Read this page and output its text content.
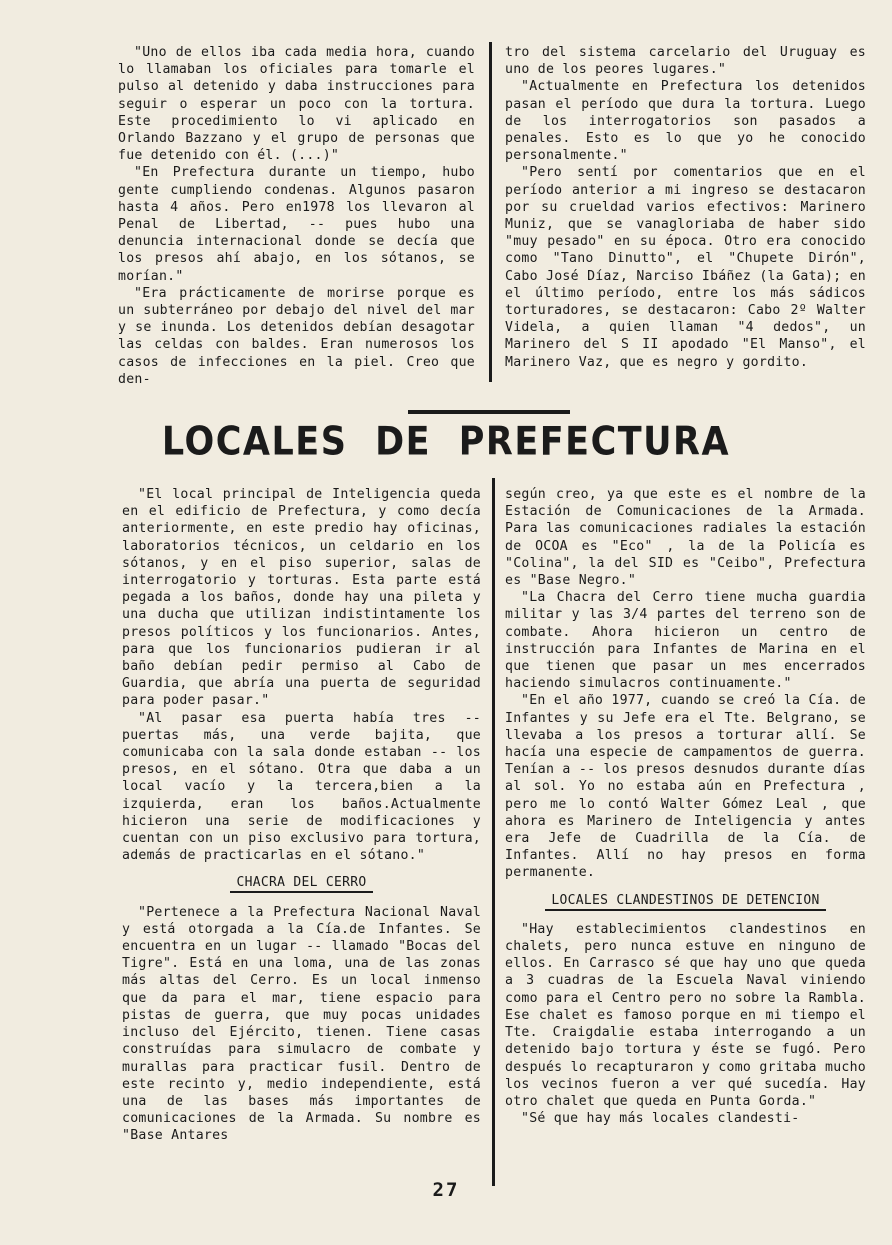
"Uno de ellos iba cada media hora, cuando lo llamaban los oficiales para tomarle el pulso al detenido y daba instrucciones para seguir o esperar un poco con la tortura. Este procedimiento lo vi aplicado en Orlando Bazzano y el grupo de personas que fue detenido con él. (...)"

"En Prefectura durante un tiempo, hubo gente cumpliendo condenas. Algunos pasaron hasta 4 años. Pero en1978 los llevaron al Penal de Libertad, -- pues hubo una denuncia internacional donde se decía que los presos ahí abajo, en los sótanos, se morían."

"Era prácticamente de morirse porque es un subterráneo por debajo del nivel del mar y se inunda. Los detenidos debían desagotar las celdas con baldes. Eran numerosos los casos de infecciones en la piel. Creo que den-

tro del sistema carcelario del Uruguay es uno de los peores lugares."

"Actualmente en Prefectura los detenidos pasan el período que dura la tortura. Luego de los interrogatorios son pasados a penales. Esto es lo que yo he conocido personalmente."

"Pero sentí por comentarios que en el período anterior a mi ingreso se destacaron por su crueldad varios efectivos: Marinero Muniz, que se vanagloriaba de haber sido "muy pesado" en su época. Otro era conocido como "Tano Dinutto", el "Chupete Dirón", Cabo José Díaz, Narciso Ibáñez (la Gata); en el último período, entre los más sádicos torturadores, se destacaron: Cabo 2º Walter Videla, a quien llaman "4 dedos", un Marinero del S II apodado "El Manso", el Marinero Vaz, que es negro y gordito.

LOCALES DE PREFECTURA

"El local principal de Inteligencia queda en el edificio de Prefectura, y como decía anteriormente, en este predio hay oficinas, laboratorios técnicos, un celdario en los sótanos, y en el piso superior, salas de interrogatorio y torturas. Esta parte está pegada a los baños, donde hay una pileta y una ducha que utilizan indistintamente los presos políticos y los funcionarios. Antes, para que los funcionarios pudieran ir al baño debían pedir permiso al Cabo de Guardia, que abría una puerta de seguridad para poder pasar."

"Al pasar esa puerta había tres -- puertas más, una verde bajita, que comunicaba con la sala donde estaban -- los presos, en el sótano. Otra que daba a un local vacío y la tercera,bien a la izquierda, eran los baños.Actualmente hicieron una serie de modificaciones y cuentan con un piso exclusivo para tortura, además de practicarlas en el sótano."

CHACRA DEL CERRO

"Pertenece a la Prefectura Nacional Naval y está otorgada a la Cía.de Infantes. Se encuentra en un lugar -- llamado "Bocas del Tigre". Está en una loma, una de las zonas más altas del Cerro. Es un local inmenso que da para el mar, tiene espacio para pistas de guerra, que muy pocas unidades incluso del Ejército, tienen. Tiene casas construídas para simulacro de combate y murallas para practicar fusil. Dentro de este recinto y, medio independiente, está una de las bases más importantes de comunicaciones de la Armada. Su nombre es "Base Antares

según creo, ya que este es el nombre de la Estación de Comunicaciones de la Armada. Para las comunicaciones radiales la estación de OCOA es "Eco" , la de la Policía es "Colina", la del SID es "Ceibo", Prefectura es "Base Negro."

"La Chacra del Cerro tiene mucha guardia militar y las 3/4 partes del terreno son de combate. Ahora hicieron un centro de instrucción para Infantes de Marina en el que tienen que pasar un mes encerrados haciendo simulacros continuamente."

"En el año 1977, cuando se creó la Cía. de Infantes y su Jefe era el Tte. Belgrano, se llevaba a los presos a torturar allí. Se hacía una especie de campamentos de guerra. Tenían a -- los presos desnudos durante días al sol. Yo no estaba aún en Prefectura , pero me lo contó Walter Gómez Leal , que ahora es Marinero de Inteligencia y antes era Jefe de Cuadrilla de la Cía. de Infantes. Allí no hay presos en forma permanente.

LOCALES CLANDESTINOS DE DETENCION

"Hay establecimientos clandestinos en chalets, pero nunca estuve en ninguno de ellos. En Carrasco sé que hay uno que queda a 3 cuadras de la Escuela Naval viniendo como para el Centro pero no sobre la Rambla. Ese chalet es famoso porque en mi tiempo el Tte. Craigdalie estaba interrogando a un detenido bajo tortura y éste se fugó. Pero después lo recapturaron y como gritaba mucho los vecinos fueron a ver qué sucedía. Hay otro chalet que queda en Punta Gorda."

"Sé que hay más locales clandesti-

27
